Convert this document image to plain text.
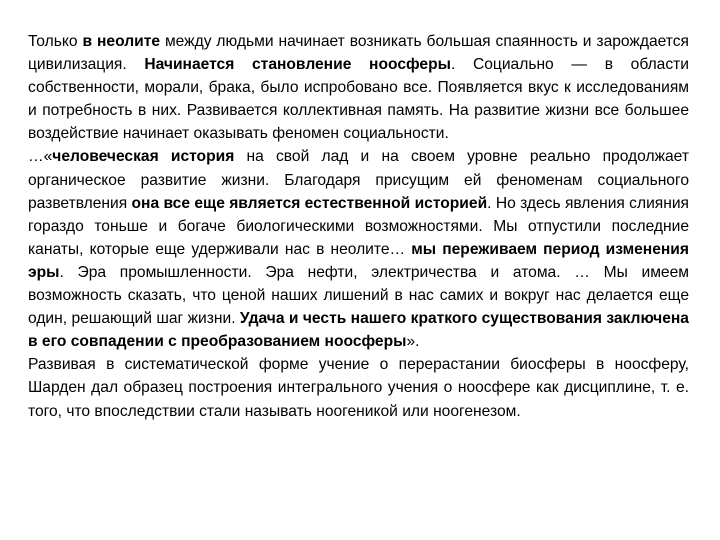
Только в неолите между людьми начинает возникать большая спаянность и зарождается цивилизация. Начинается становление ноосферы. Социально — в области собственности, морали, брака, было испробовано все. Появляется вкус к исследованиям и потребность в них. Развивается коллективная память. На развитие жизни все большее воздействие начинает оказывать феномен социальности.

…«человеческая история на свой лад и на своем уровне реально продолжает органическое развитие жизни. Благодаря присущим ей феноменам социального разветвления она все еще является естественной историей. Но здесь явления слияния гораздо тоньше и богаче биологическими возможностями. Мы отпустили последние канаты, которые еще удерживали нас в неолите… мы переживаем период изменения эры. Эра промышленности. Эра нефти, электричества и атома. … Мы имеем возможность сказать, что ценой наших лишений в нас самих и вокруг нас делается еще один, решающий шаг жизни. Удача и честь нашего краткого существования заключена в его совпадении с преобразованием ноосферы».

Развивая в систематической форме учение о перерастании биосферы в ноосферу, Шарден дал образец построения интегрального учения о ноосфере как дисциплине, т. е. того, что впоследствии стали называть ноогеникой или ноогенезом.
